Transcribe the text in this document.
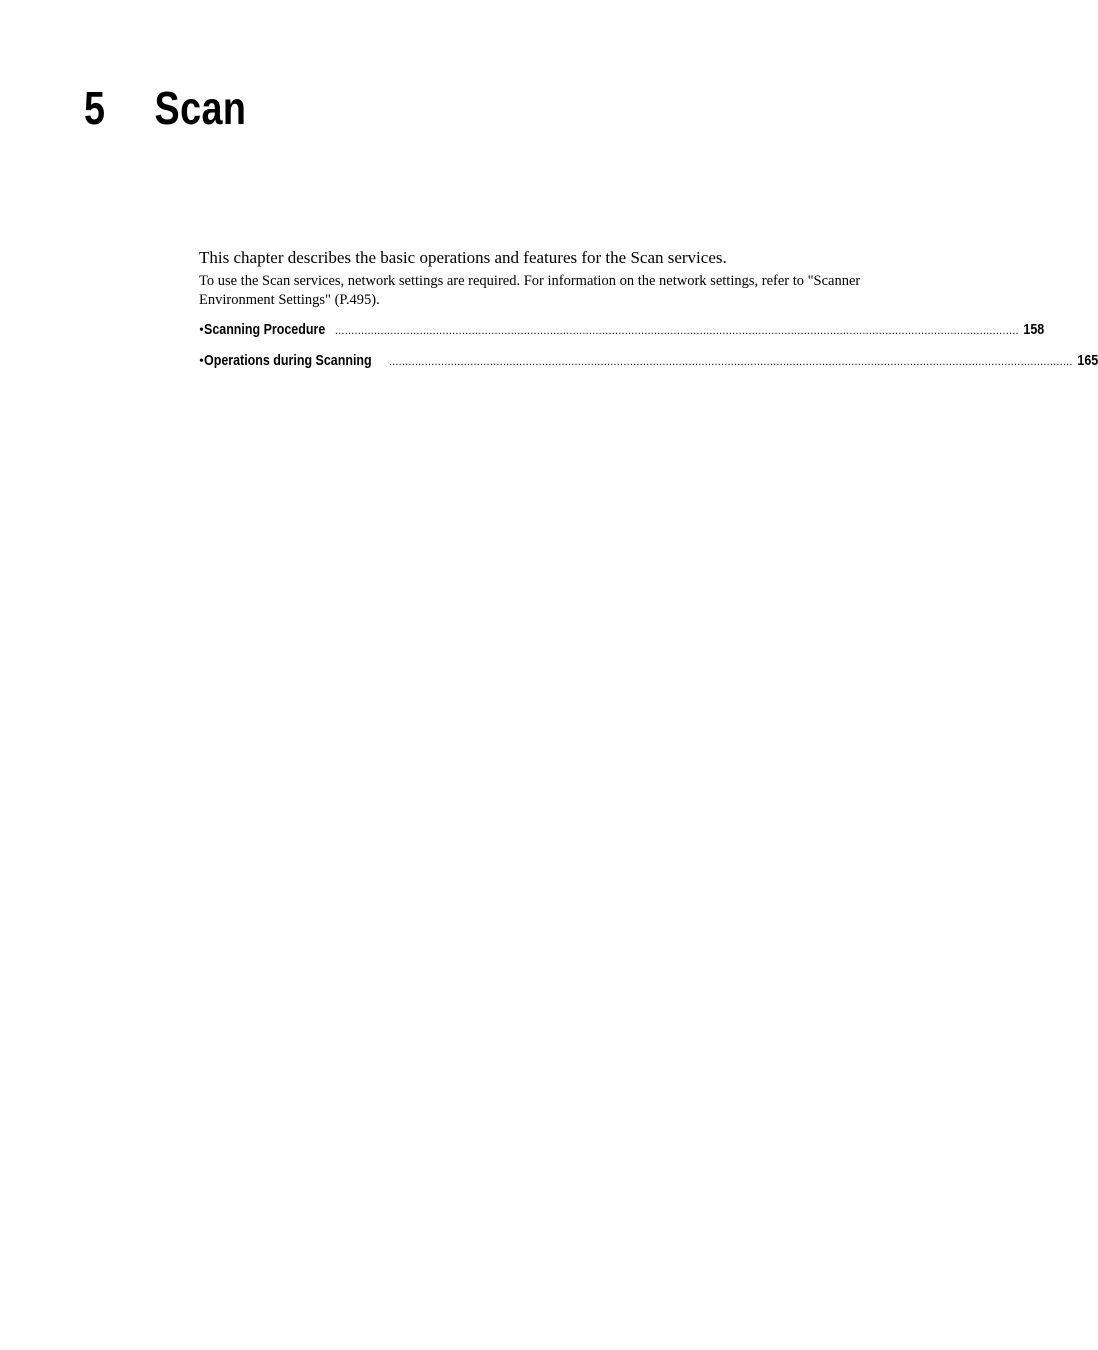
5	Scan

This chapter describes the basic operations and features for the Scan services.

To use the Scan services, network settings are required. For information on the network settings, refer to "Scanner Environment Settings" (P.495).

• Scanning Procedure .................................................................................................................................................................................................................. 158
• Operations during Scanning .................................................................................................................................................................................................................. 165
